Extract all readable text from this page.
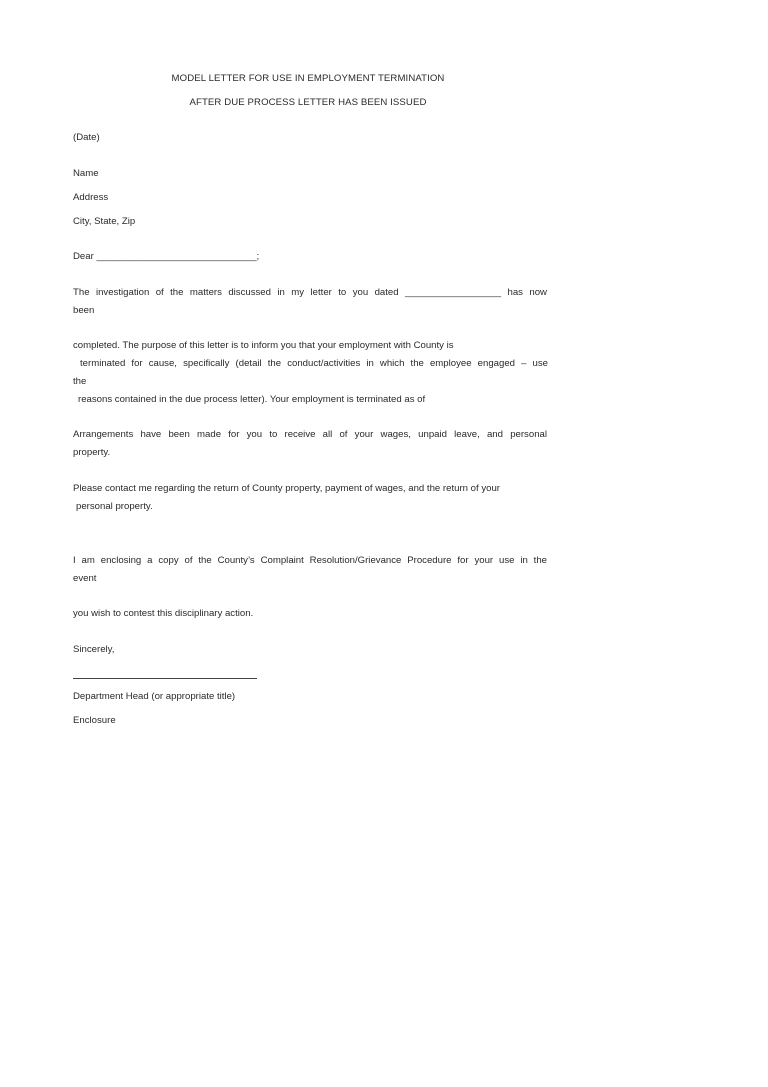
MODEL LETTER FOR USE IN EMPLOYMENT TERMINATION
AFTER DUE PROCESS LETTER HAS BEEN ISSUED
(Date)
Name
Address
City, State, Zip
Dear ______________________________;
The investigation of the matters discussed in my letter to you dated __________________ has now
been
completed. The purpose of this letter is to inform you that your employment with County is
terminated for cause, specifically (detail the conduct/activities in which the employee engaged – use
the
reasons contained in the due process letter). Your employment is terminated as of
Arrangements have been made for you to receive all of your wages, unpaid leave, and personal
property.
Please contact me regarding the return of County property, payment of wages, and the return of your
personal property.
I am enclosing a copy of the County’s Complaint Resolution/Grievance Procedure for your use in the
event
you wish to contest this disciplinary action.
Sincerely,
Department Head (or appropriate title)
Enclosure
